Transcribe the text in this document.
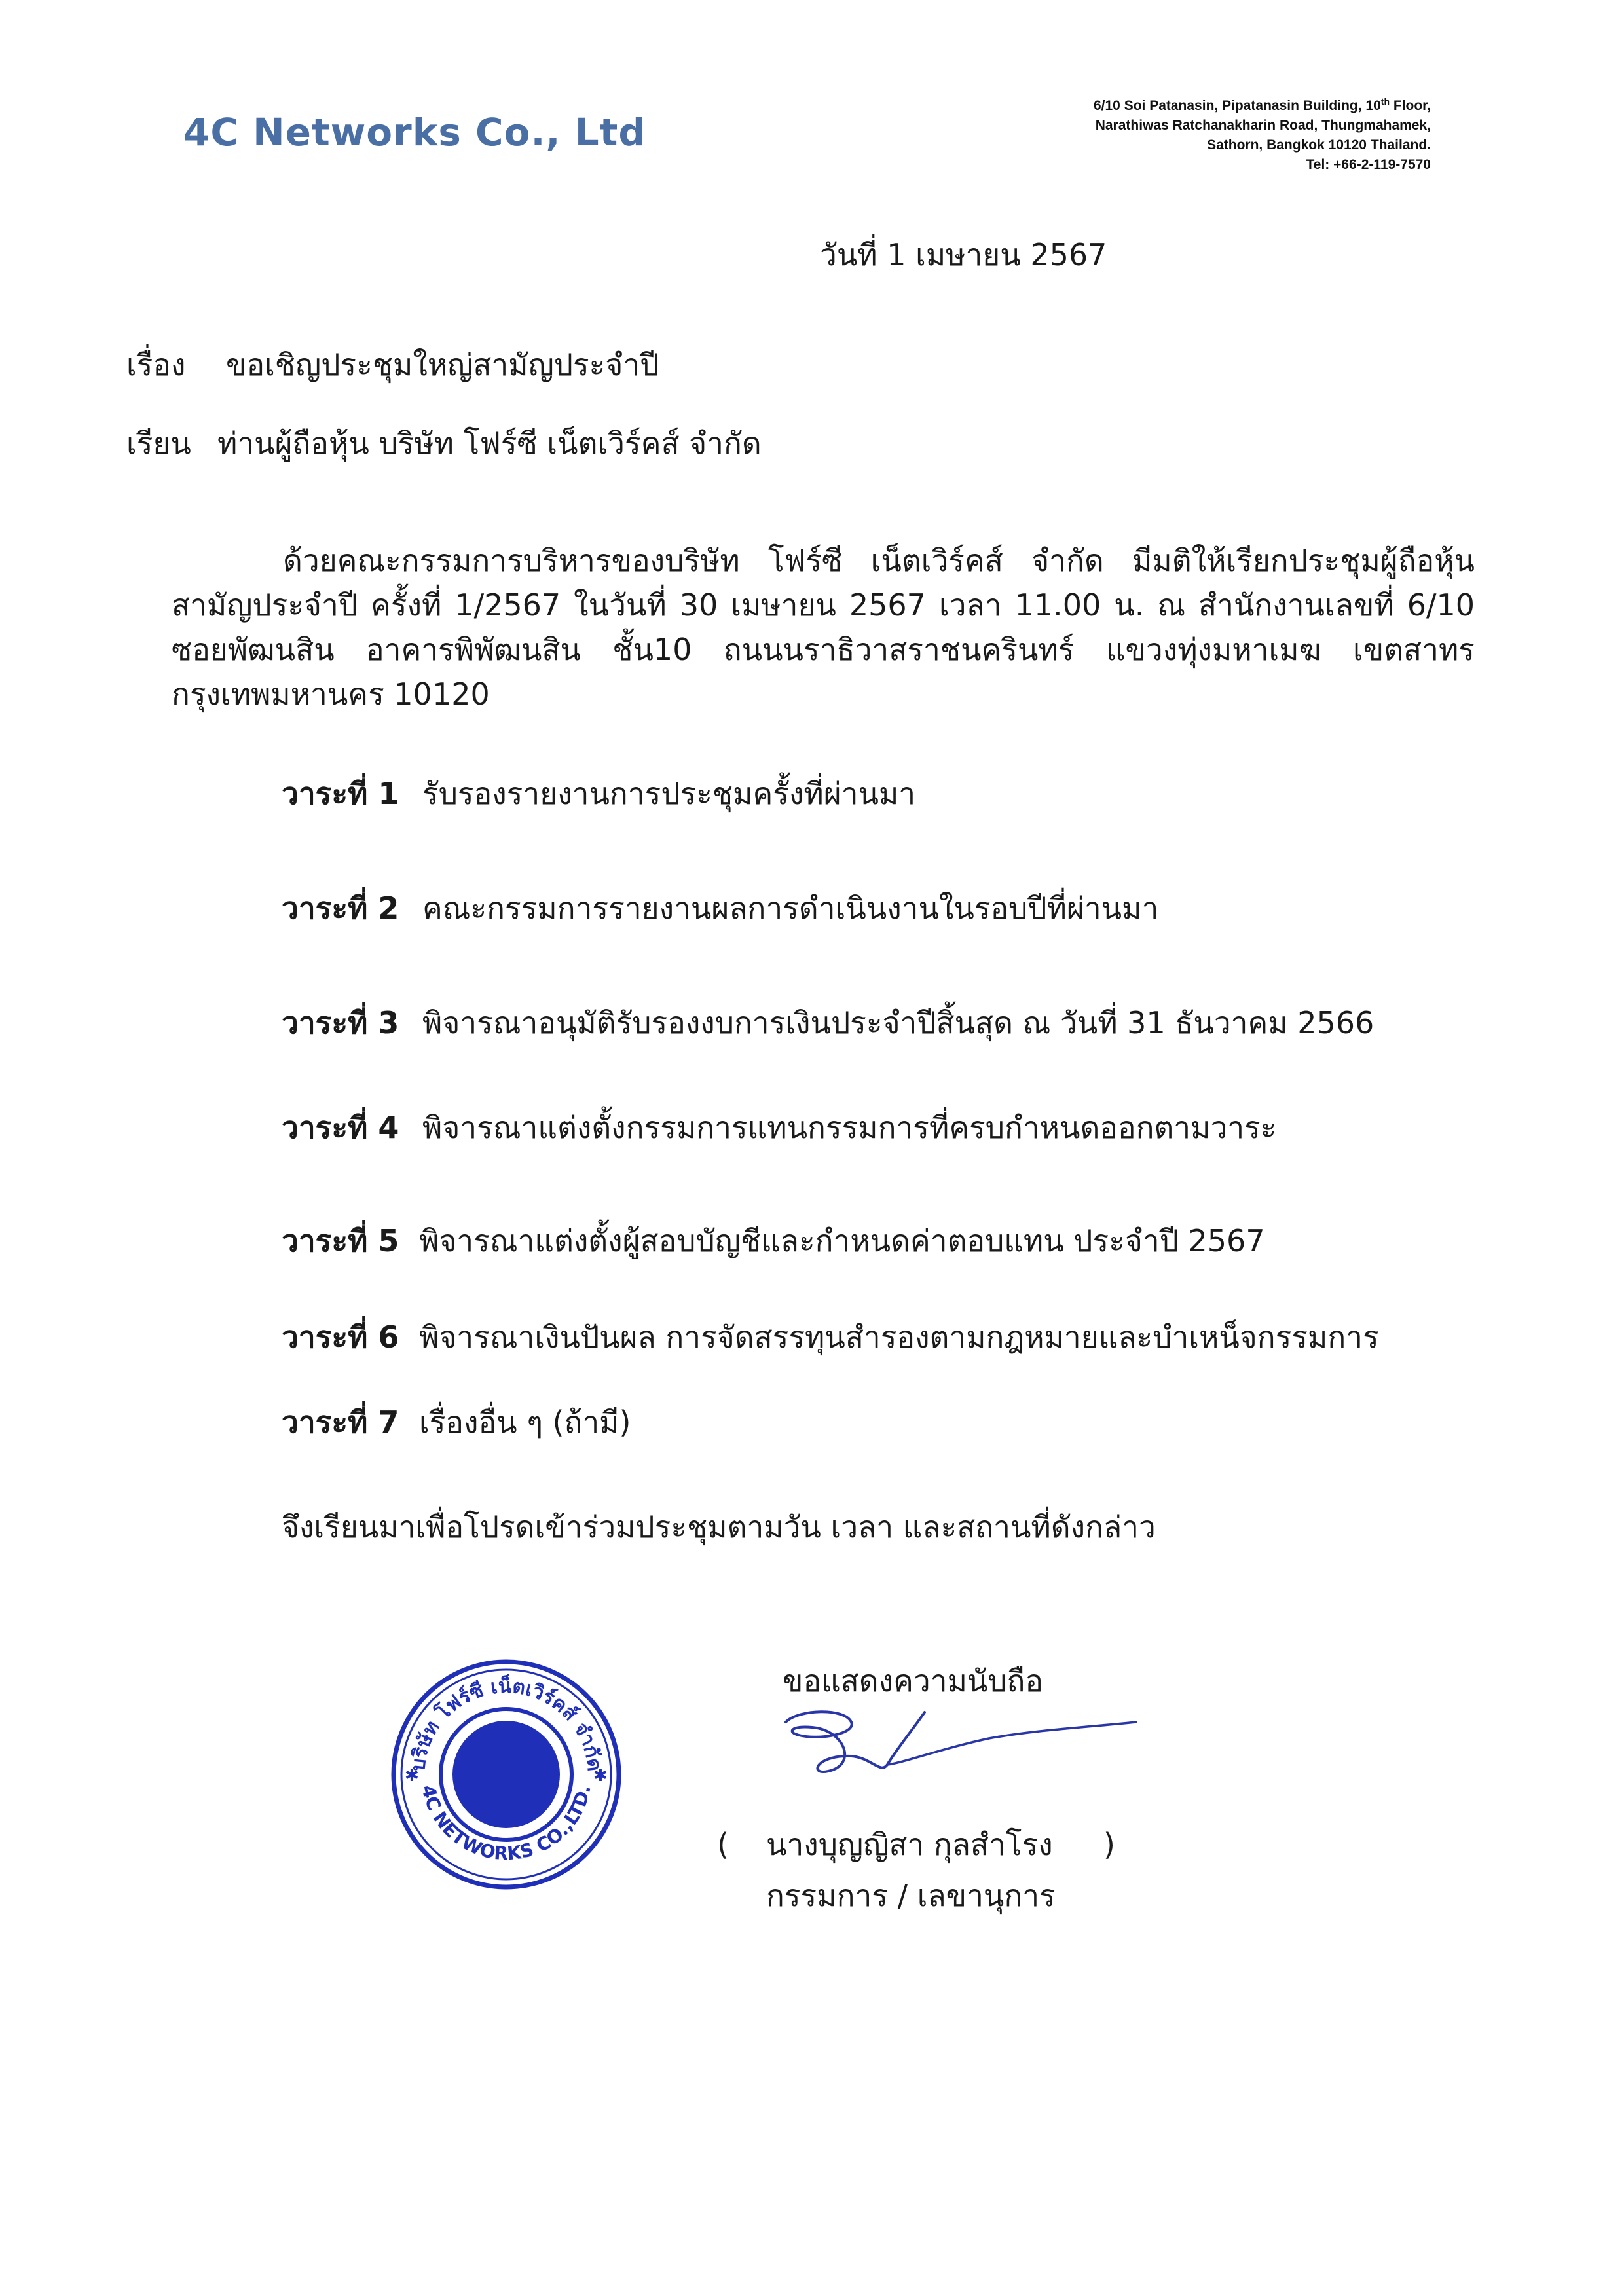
4C Networks Co., Ltd
6/10 Soi Patanasin, Pipatanasin Building, 10th Floor,
Narathiwas Ratchanakharin Road, Thungmahamek,
Sathorn, Bangkok 10120 Thailand.
Tel: +66-2-119-7570
วันที่ 1 เมษายน 2567
เรื่อง ขอเชิญประชุมใหญ่สามัญประจำปี
เรียน ท่านผู้ถือหุ้น บริษัท โฟร์ซี เน็ตเวิร์คส์ จำกัด
ด้วยคณะกรรมการบริหารของบริษัท โฟร์ซี เน็ตเวิร์คส์ จำกัด มีมติให้เรียกประชุมผู้ถือหุ้นสามัญประจำปี ครั้งที่ 1/2567 ในวันที่ 30 เมษายน 2567 เวลา 11.00 น. ณ สำนักงานเลขที่ 6/10 ซอยพัฒนสิน อาคารพิพัฒนสิน ชั้น10 ถนนนราธิวาสราชนครินทร์ แขวงทุ่งมหาเมฆ เขตสาทร กรุงเทพมหานคร 10120
วาระที่ 1 รับรองรายงานการประชุมครั้งที่ผ่านมา
วาระที่ 2 คณะกรรมการรายงานผลการดำเนินงานในรอบปีที่ผ่านมา
วาระที่ 3 พิจารณาอนุมัติรับรองงบการเงินประจำปีสิ้นสุด ณ วันที่ 31 ธันวาคม 2566
วาระที่ 4 พิจารณาแต่งตั้งกรรมการแทนกรรมการที่ครบกำหนดออกตามวาระ
วาระที่ 5 พิจารณาแต่งตั้งผู้สอบบัญชีและกำหนดค่าตอบแทน ประจำปี 2567
วาระที่ 6 พิจารณาเงินปันผล การจัดสรรทุนสำรองตามกฎหมายและบำเหน็จกรรมการ
วาระที่ 7 เรื่องอื่น ๆ (ถ้ามี)
จึงเรียนมาเพื่อโปรดเข้าร่วมประชุมตามวัน เวลา และสถานที่ดังกล่าว
ขอแสดงความนับถือ
บริษัท โฟร์ซี เน็ตเวิร์คส์ จำกัด
4C NETWORKS CO.,LTD.
✱	✱
( นางบุญญิสา กุลสำโรง )
กรรมการ / เลขานุการ
